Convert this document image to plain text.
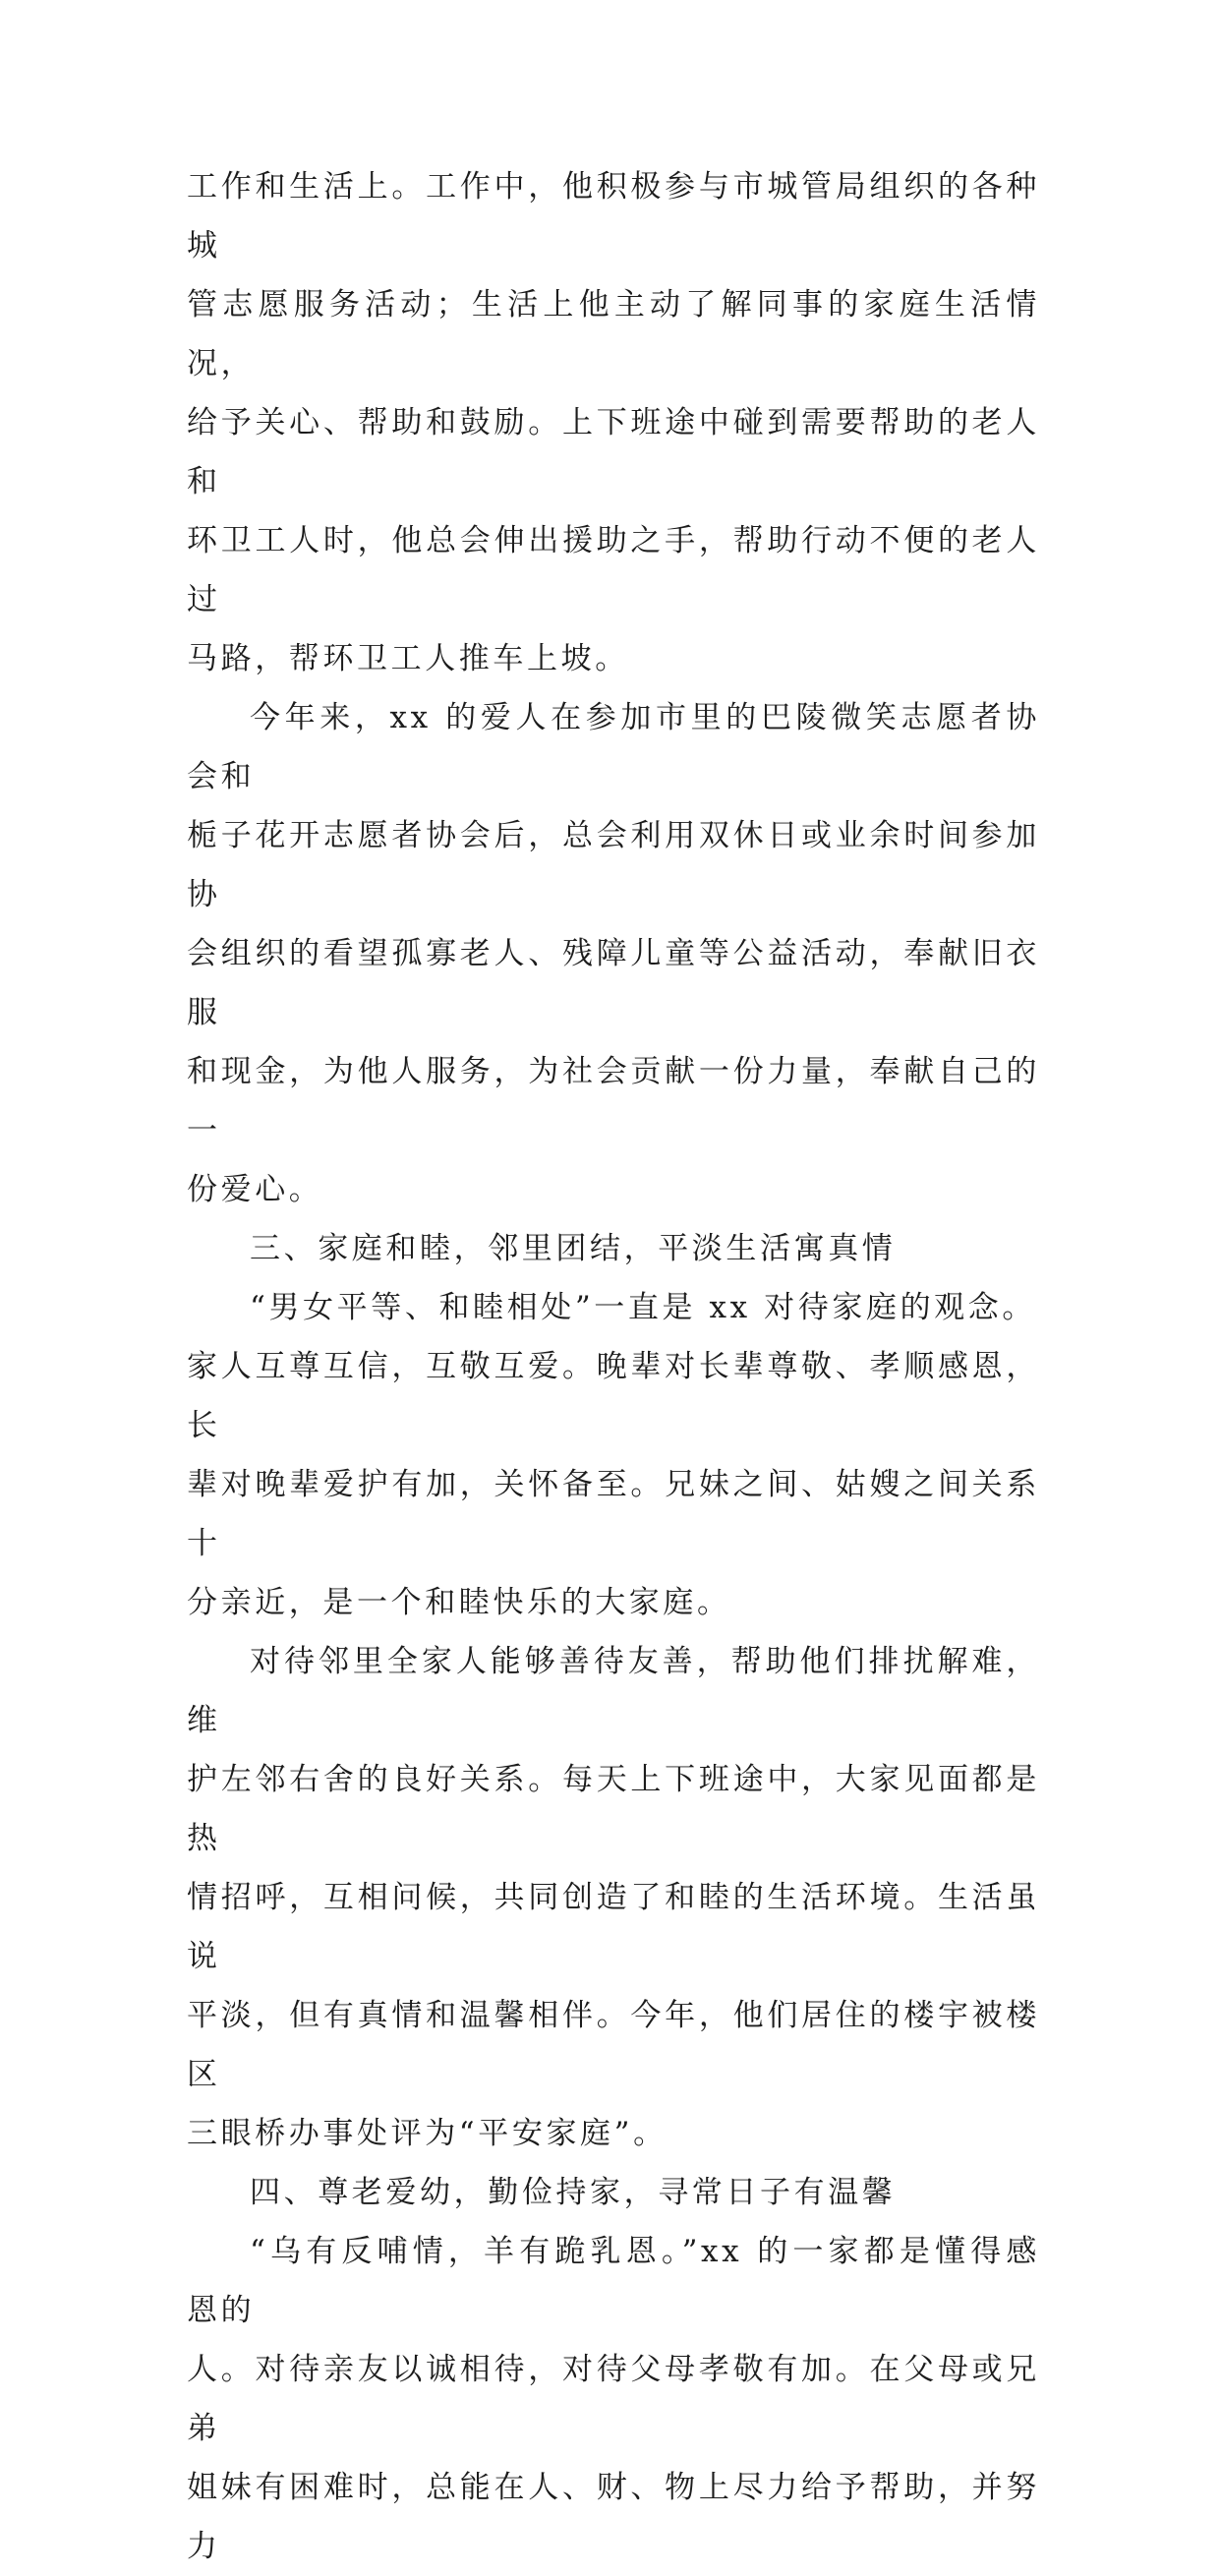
工作和生活上。工作中，他积极参与市城管局组织的各种城
管志愿服务活动；生活上他主动了解同事的家庭生活情况，
给予关心、帮助和鼓励。上下班途中碰到需要帮助的老人和
环卫工人时，他总会伸出援助之手，帮助行动不便的老人过
马路，帮环卫工人推车上坡。

今年来，xx 的爱人在参加市里的巴陵微笑志愿者协会和
栀子花开志愿者协会后，总会利用双休日或业余时间参加协
会组织的看望孤寡老人、残障儿童等公益活动，奉献旧衣服
和现金，为他人服务，为社会贡献一份力量，奉献自己的一
份爱心。

三、家庭和睦，邻里团结，平淡生活寓真情

“男女平等、和睦相处”一直是 xx 对待家庭的观念。
家人互尊互信，互敬互爱。晚辈对长辈尊敬、孝顺感恩，长
辈对晚辈爱护有加，关怀备至。兄妹之间、姑嫂之间关系十
分亲近，是一个和睦快乐的大家庭。

对待邻里全家人能够善待友善，帮助他们排扰解难，维
护左邻右舍的良好关系。每天上下班途中，大家见面都是热
情招呼，互相问候，共同创造了和睦的生活环境。生活虽说
平淡，但有真情和温馨相伴。今年，他们居住的楼宇被楼区
三眼桥办事处评为“平安家庭”。

四、尊老爱幼，勤俭持家，寻常日子有温馨

“乌有反哺情，羊有跪乳恩。”xx 的一家都是懂得感恩的
人。对待亲友以诚相待，对待父母孝敬有加。在父母或兄弟
姐妹有困难时，总能在人、财、物上尽力给予帮助，并努力
